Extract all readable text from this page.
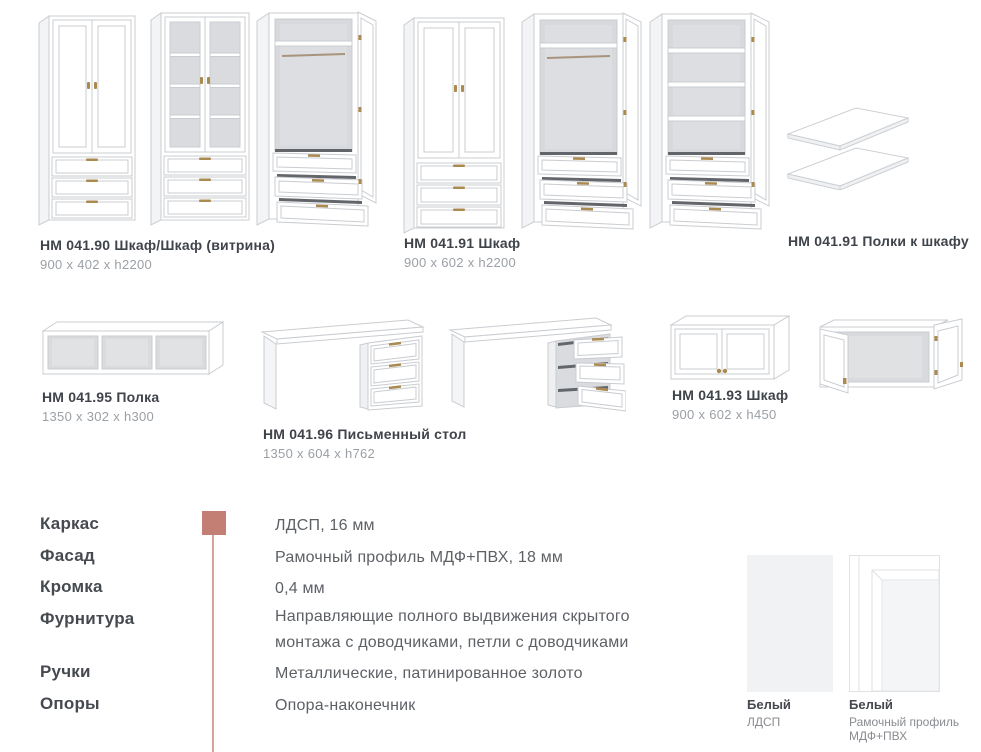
НМ 041.90 Шкаф/Шкаф (витрина)
900 x 402 x h2200
НМ 041.91 Шкаф
900 x 602 x h2200
НМ 041.91 Полки к шкафу
НМ 041.95 Полка
1350 x 302 x h300
НМ 041.96 Письменный стол
1350 x 604 x h762
НМ 041.93 Шкаф
900 x 602 x h450
Каркас
Фасад
Кромка
Фурнитура
Ручки
Опоры
ЛДСП, 16 мм
Рамочный профиль МДФ+ПВХ, 18 мм
0,4 мм
Направляющие полного выдвижения скрытого монтажа с доводчиками, петли с доводчиками
Металлические, патинированное золото
Опора-наконечник	Белый
ЛДСП
Белый
Рамочный профиль МДФ+ПВХ
